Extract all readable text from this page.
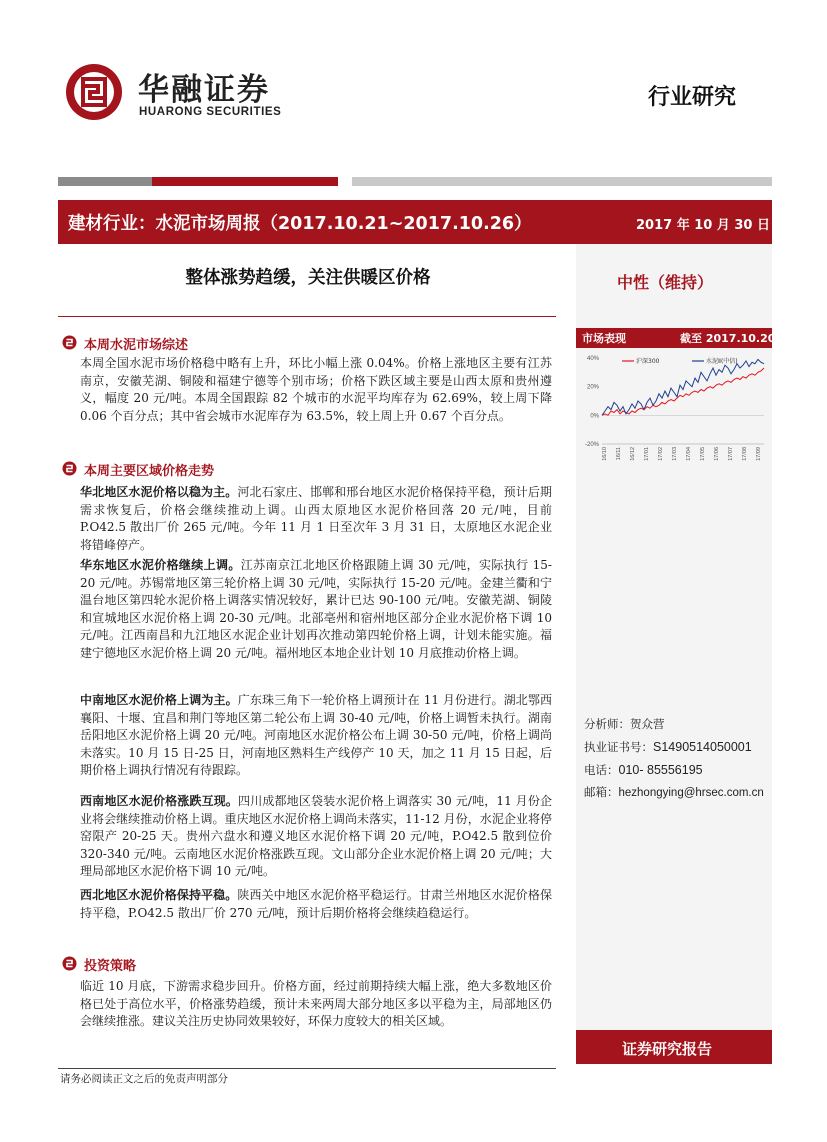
华融证券
HUARONG SECURITIES
行业研究
建材行业：水泥市场周报（2017.10.21~2017.10.26）	2017 年 10 月 30 日
中性（维持）
市场表现	截至 2017.10.20
40%
20%
0%
-20%
16/10 16/11 16/12 17/01 17/02 17/03 17/04 17/05 17/06 17/07 17/08 17/09
沪深300	水泥Ⅱ(中信)
分析师：贺众营
执业证书号：S1490514050001
电话：010- 85556195
邮箱：hezhongying@hrsec.com.cn
证券研究报告
整体涨势趋缓，关注供暖区价格
本周水泥市场综述

本周全国水泥市场价格稳中略有上升，环比小幅上涨 0.04%。价格上涨地区主要有江苏南京，安徽芜湖、铜陵和福建宁德等个别市场；价格下跌区域主要是山西太原和贵州遵义，幅度 20 元/吨。本周全国跟踪 82 个城市的水泥平均库存为 62.69%，较上周下降 0.06 个百分点；其中省会城市水泥库存为 63.5%，较上周上升 0.67 个百分点。

本周主要区域价格走势

华北地区水泥价格以稳为主。河北石家庄、邯郸和邢台地区水泥价格保持平稳，预计后期需求恢复后，价格会继续推动上调。山西太原地区水泥价格回落 20 元/吨，目前 P.O42.5 散出厂价 265 元/吨。今年 11 月 1 日至次年 3 月 31 日，太原地区水泥企业将错峰停产。

华东地区水泥价格继续上调。江苏南京江北地区价格跟随上调 30 元/吨，实际执行 15-20 元/吨。苏锡常地区第三轮价格上调 30 元/吨，实际执行 15-20 元/吨。金建兰衢和宁温台地区第四轮水泥价格上调落实情况较好，累计已达 90-100 元/吨。安徽芜湖、铜陵和宣城地区水泥价格上调 20-30 元/吨。北部亳州和宿州地区部分企业水泥价格下调 10 元/吨。江西南昌和九江地区水泥企业计划再次推动第四轮价格上调，计划未能实施。福建宁德地区水泥价格上调 20 元/吨。福州地区本地企业计划 10 月底推动价格上调。

中南地区水泥价格上调为主。广东珠三角下一轮价格上调预计在 11 月份进行。湖北鄂西襄阳、十堰、宜昌和荆门等地区第二轮公布上调 30-40 元/吨，价格上调暂未执行。湖南岳阳地区水泥价格上调 20 元/吨。河南地区水泥价格公布上调 30-50 元/吨，价格上调尚未落实。10 月 15 日-25 日，河南地区熟料生产线停产 10 天，加之 11 月 15 日起，后期价格上调执行情况有待跟踪。

西南地区水泥价格涨跌互现。四川成都地区袋装水泥价格上调落实 30 元/吨，11 月份企业将会继续推动价格上调。重庆地区水泥价格上调尚未落实，11-12 月份，水泥企业将停窑限产 20-25 天。贵州六盘水和遵义地区水泥价格下调 20 元/吨，P.O42.5 散到位价 320-340 元/吨。云南地区水泥价格涨跌互现。文山部分企业水泥价格上调 20 元/吨；大理局部地区水泥价格下调 10 元/吨。

西北地区水泥价格保持平稳。陕西关中地区水泥价格平稳运行。甘肃兰州地区水泥价格保持平稳，P.O42.5 散出厂价 270 元/吨，预计后期价格将会继续趋稳运行。

投资策略

临近 10 月底，下游需求稳步回升。价格方面，经过前期持续大幅上涨，绝大多数地区价格已处于高位水平，价格涨势趋缓，预计未来两周大部分地区多以平稳为主，局部地区仍会继续推涨。建议关注历史协同效果较好，环保力度较大的相关区域。

请务必阅读正文之后的免责声明部分
